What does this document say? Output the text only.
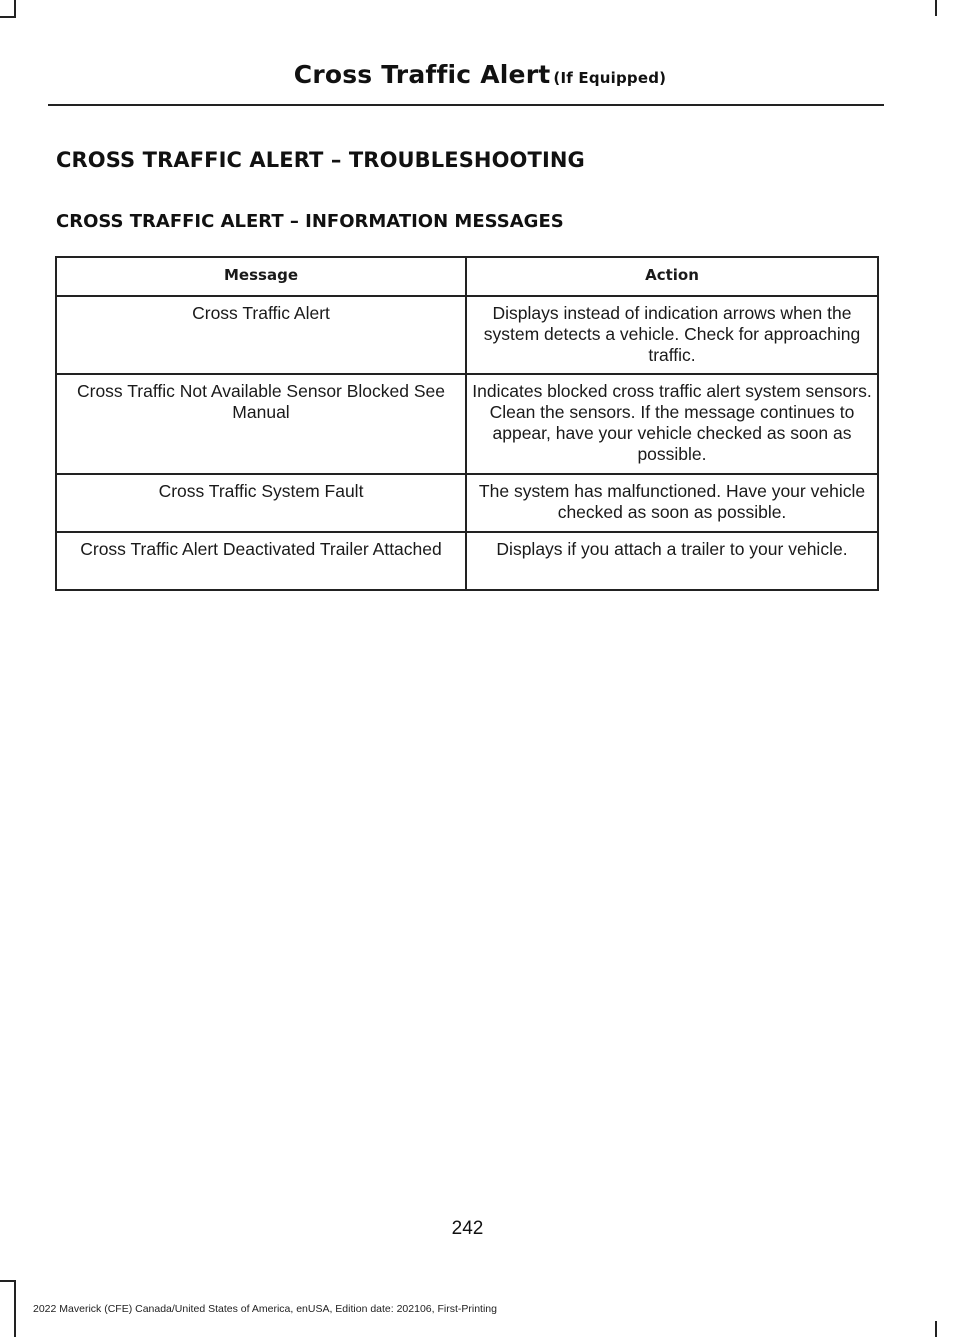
Cross Traffic Alert (If Equipped)
CROSS TRAFFIC ALERT – TROUBLESHOOTING
CROSS TRAFFIC ALERT – INFORMATION MESSAGES
Message	Action
Cross Traffic Alert	Displays instead of indication arrows when the system detects a vehicle. Check for approaching traffic.
Cross Traffic Not Available Sensor Blocked See Manual	Indicates blocked cross traffic alert system sensors. Clean the sensors. If the message continues to appear, have your vehicle checked as soon as possible.
Cross Traffic System Fault	The system has malfunctioned. Have your vehicle checked as soon as possible.
Cross Traffic Alert Deactivated Trailer Attached	Displays if you attach a trailer to your vehicle.
242
2022 Maverick (CFE) Canada/United States of America, enUSA, Edition date: 202106, First-Printing
